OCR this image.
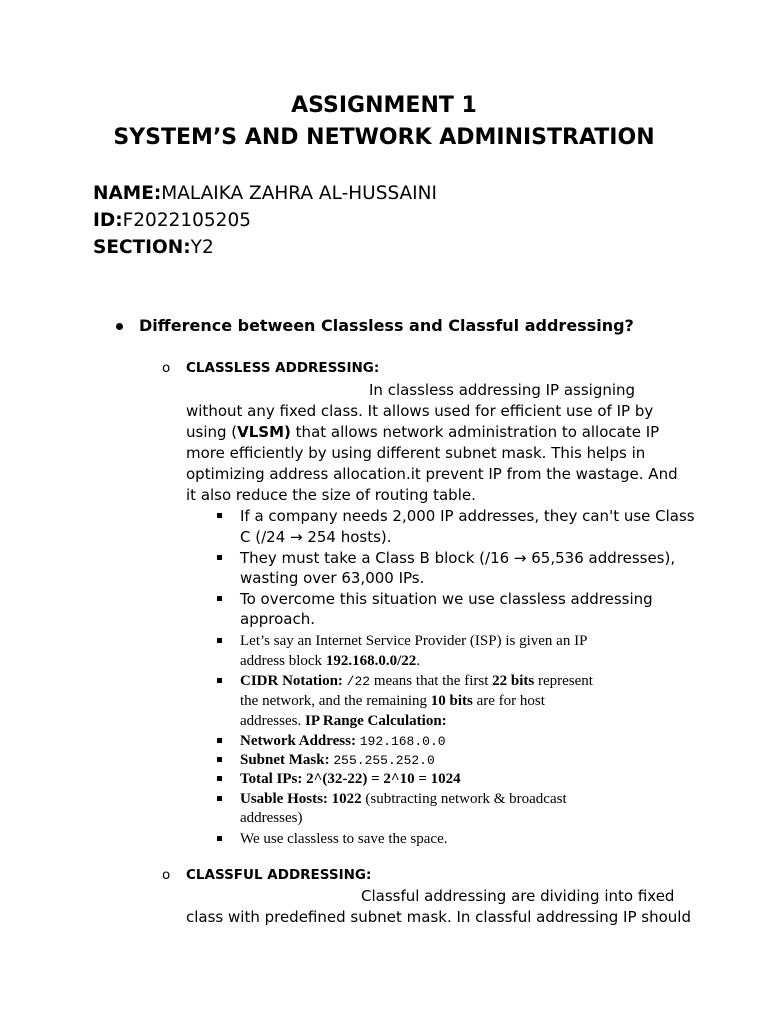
ASSIGNMENT 1
SYSTEM’S AND NETWORK ADMINISTRATION
NAME:MALAIKA ZAHRA AL-HUSSAINI
ID:F2022105205
SECTION:Y2
Difference between Classless and Classful addressing?
o CLASSLESS ADDRESSING:
In classless addressing IP assigning
without any fixed class. It allows used for efficient use of IP by
using (VLSM) that allows network administration to allocate IP
more efficiently by using different subnet mask. This helps in
optimizing address allocation.it prevent IP from the wastage. And
it also reduce the size of routing table.
If a company needs 2,000 IP addresses, they can't use Class
C (/24 → 254 hosts).
They must take a Class B block (/16 → 65,536 addresses),
wasting over 63,000 IPs.
To overcome this situation we use classless addressing
approach.
Let’s say an Internet Service Provider (ISP) is given an IP
address block 192.168.0.0/22.
CIDR Notation: /22 means that the first 22 bits represent
the network, and the remaining 10 bits are for host
addresses. IP Range Calculation:
Network Address: 192.168.0.0
Subnet Mask: 255.255.252.0
Total IPs: 2^(32-22) = 2^10 = 1024
Usable Hosts: 1022 (subtracting network & broadcast
addresses)
We use classless to save the space.
o CLASSFUL ADDRESSING:
Classful addressing are dividing into fixed
class with predefined subnet mask. In classful addressing IP should
